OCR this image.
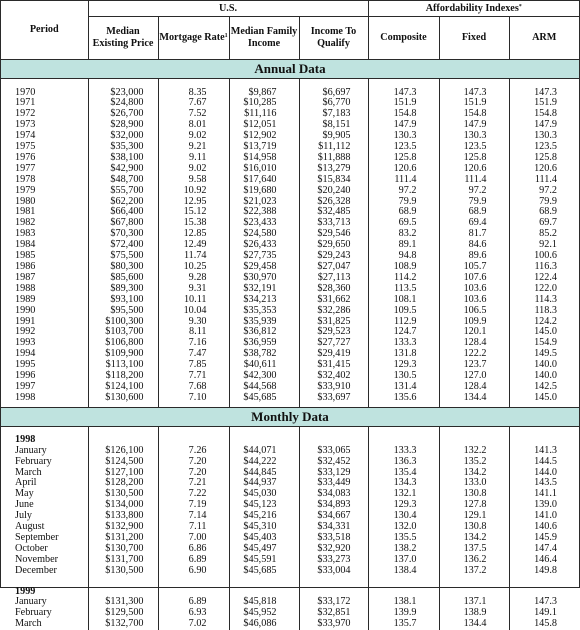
Period	U.S.				Affordability Indexes*
	Median Existing Price	Mortgage Rate$^1$	Median Family Income	Income To Qualify	Composite	Fixed	ARM
Annual Data							

1970	$23,000	8.35	$9,867	$6,697	147.3	147.3	147.3
1971	$24,800	7.67	$10,285	$6,770	151.9	151.9	151.9
1972	$26,700	7.52	$11,116	$7,183	154.8	154.8	154.8
1973	$28,900	8.01	$12,051	$8,151	147.9	147.9	147.9
1974	$32,000	9.02	$12,902	$9,905	130.3	130.3	130.3
1975	$35,300	9.21	$13,719	$11,112	123.5	123.5	123.5
1976	$38,100	9.11	$14,958	$11,888	125.8	125.8	125.8
1977	$42,900	9.02	$16,010	$13,279	120.6	120.6	120.6
1978	$48,700	9.58	$17,640	$15,834	111.4	111.4	111.4
1979	$55,700	10.92	$19,680	$20,240	97.2	97.2	97.2
1980	$62,200	12.95	$21,023	$26,328	79.9	79.9	79.9
1981	$66,400	15.12	$22,388	$32,485	68.9	68.9	68.9
1982	$67,800	15.38	$23,433	$33,713	69.5	69.4	69.7
1983	$70,300	12.85	$24,580	$29,546	83.2	81.7	85.2
1984	$72,400	12.49	$26,433	$29,650	89.1	84.6	92.1
1985	$75,500	11.74	$27,735	$29,243	94.8	89.6	100.6
1986	$80,300	10.25	$29,458	$27,047	108.9	105.7	116.3
1987	$85,600	9.28	$30,970	$27,113	114.2	107.6	122.4
1988	$89,300	9.31	$32,191	$28,360	113.5	103.6	122.0
1989	$93,100	10.11	$34,213	$31,662	108.1	103.6	114.3
1990	$95,500	10.04	$35,353	$32,286	109.5	106.5	118.3
1991	$100,300	9.30	$35,939	$31,825	112.9	109.9	124.2
1992	$103,700	8.11	$36,812	$29,523	124.7	120.1	145.0
1993	$106,800	7.16	$36,959	$27,727	133.3	128.4	154.9
1994	$109,900	7.47	$38,782	$29,419	131.8	122.2	149.5
1995	$113,100	7.85	$40,611	$31,415	129.3	123.7	140.0
1996	$118,200	7.71	$42,300	$32,402	130.5	127.0	140.0
1997	$124,100	7.68	$44,568	$33,910	131.4	128.4	142.5
1998	$130,600	7.10	$45,685	$33,697	135.6	134.4	145.0

Monthly Data							

1998							
January	$126,100	7.26	$44,071	$33,065	133.3	132.2	141.3
February	$124,500	7.20	$44,222	$32,452	136.3	135.2	144.5
March	$127,100	7.20	$44,845	$33,129	135.4	134.2	144.0
April	$128,200	7.21	$44,937	$33,449	134.3	133.0	143.5
May	$130,500	7.22	$45,030	$34,083	132.1	130.8	141.1
June	$134,000	7.19	$45,123	$34,893	129.3	127.8	139.0
July	$133,800	7.14	$45,216	$34,667	130.4	129.1	141.0
August	$132,900	7.11	$45,310	$34,331	132.0	130.8	140.6
September	$131,200	7.00	$45,403	$33,518	135.5	134.2	145.9
October	$130,700	6.86	$45,497	$32,920	138.2	137.5	147.4
November	$131,700	6.89	$45,591	$33,273	137.0	136.2	146.4
December	$130,500	6.90	$45,685	$33,004	138.4	137.2	149.8

1999							
January	$131,300	6.89	$45,818	$33,172	138.1	137.1	147.3
February	$129,500	6.93	$45,952	$32,851	139.9	138.9	149.1
March	$132,700	7.02	$46,086	$33,970	135.7	134.4	145.8
